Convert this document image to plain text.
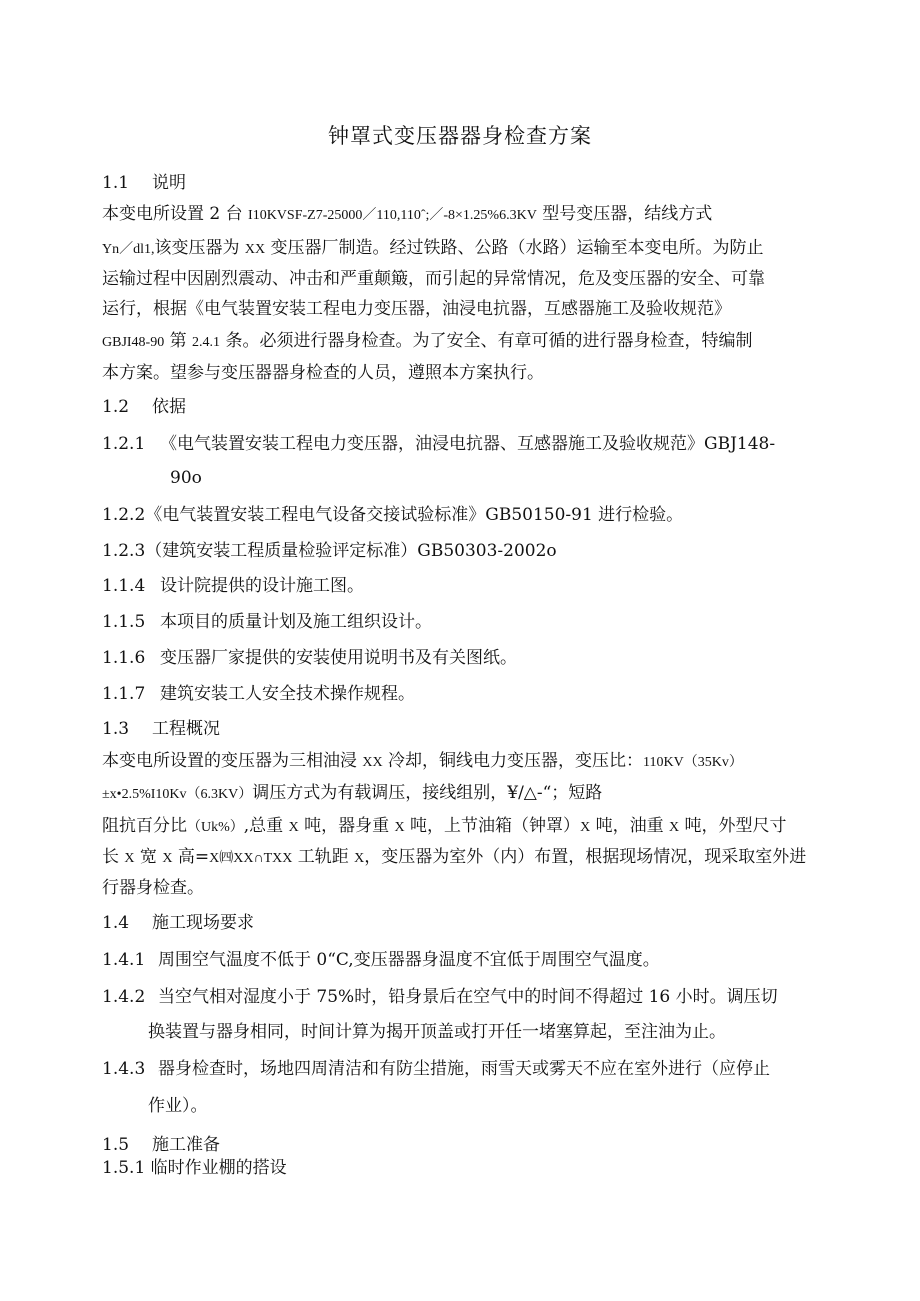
钟罩式变压器器身检查方案
1.1 说明
本变电所设置 2 台 I10KVSF-Z7-25000／110,110ˆ;／-8×1.25%6.3KV 型号变压器，结线方式
Yn／dl1,该变压器为 XX 变压器厂制造。经过铁路、公路（水路）运输至本变电所。为防止
运输过程中因剧烈震动、冲击和严重颠簸，而引起的异常情况，危及变压器的安全、可靠
运行，根据《电气装置安装工程电力变压器，油浸电抗器，互感器施工及验收规范》
GBJI48-90 第 2.4.1 条。必须进行器身检查。为了安全、有章可循的进行器身检查，特编制
本方案。望参与变压器器身检查的人员，遵照本方案执行。
1.2 依据
1.2.1 《电气装置安装工程电力变压器，油浸电抗器、互感器施工及验收规范》GBJ148-
90o
1.2.2《电气装置安装工程电气设备交接试验标准》GB50150-91 进行检验。
1.2.3（建筑安装工程质量检验评定标准）GB50303-2002o
1.1.4 设计院提供的设计施工图。
1.1.5 本项目的质量计划及施工组织设计。
1.1.6 变压器厂家提供的安装使用说明书及有关图纸。
1.1.7 建筑安装工人安全技术操作规程。
1.3 工程概况
本变电所设置的变压器为三相油浸 XX 冷却，铜线电力变压器，变压比：110KV（35Kv）
±x•2.5%I10Kv（6.3KV）调压方式为有载调压，接线组别，¥/△-“；短路
阻抗百分比（Uk%）,总重 X 吨，器身重 X 吨，上节油箱（钟罩）X 吨，油重 X 吨，外型尺寸
长 X 宽 X 高=X㈣XX∩TXX 工轨距 X，变压器为室外（内）布置，根据现场情况，现采取室外进
行器身检查。
1.4 施工现场要求
1.4.1 周围空气温度不低于 0“C,变压器器身温度不宜低于周围空气温度。
1.4.2 当空气相对湿度小于 75%时，铅身景后在空气中的时间不得超过 16 小时。调压切
换装置与器身相同，时间计算为揭开顶盖或打开任一堵塞算起，至注油为止。
1.4.3 器身检查时，场地四周清洁和有防尘措施，雨雪天或雾天不应在室外进行（应停止
作业）。
1.5 施工准备
1.5.1 临时作业棚的搭设
